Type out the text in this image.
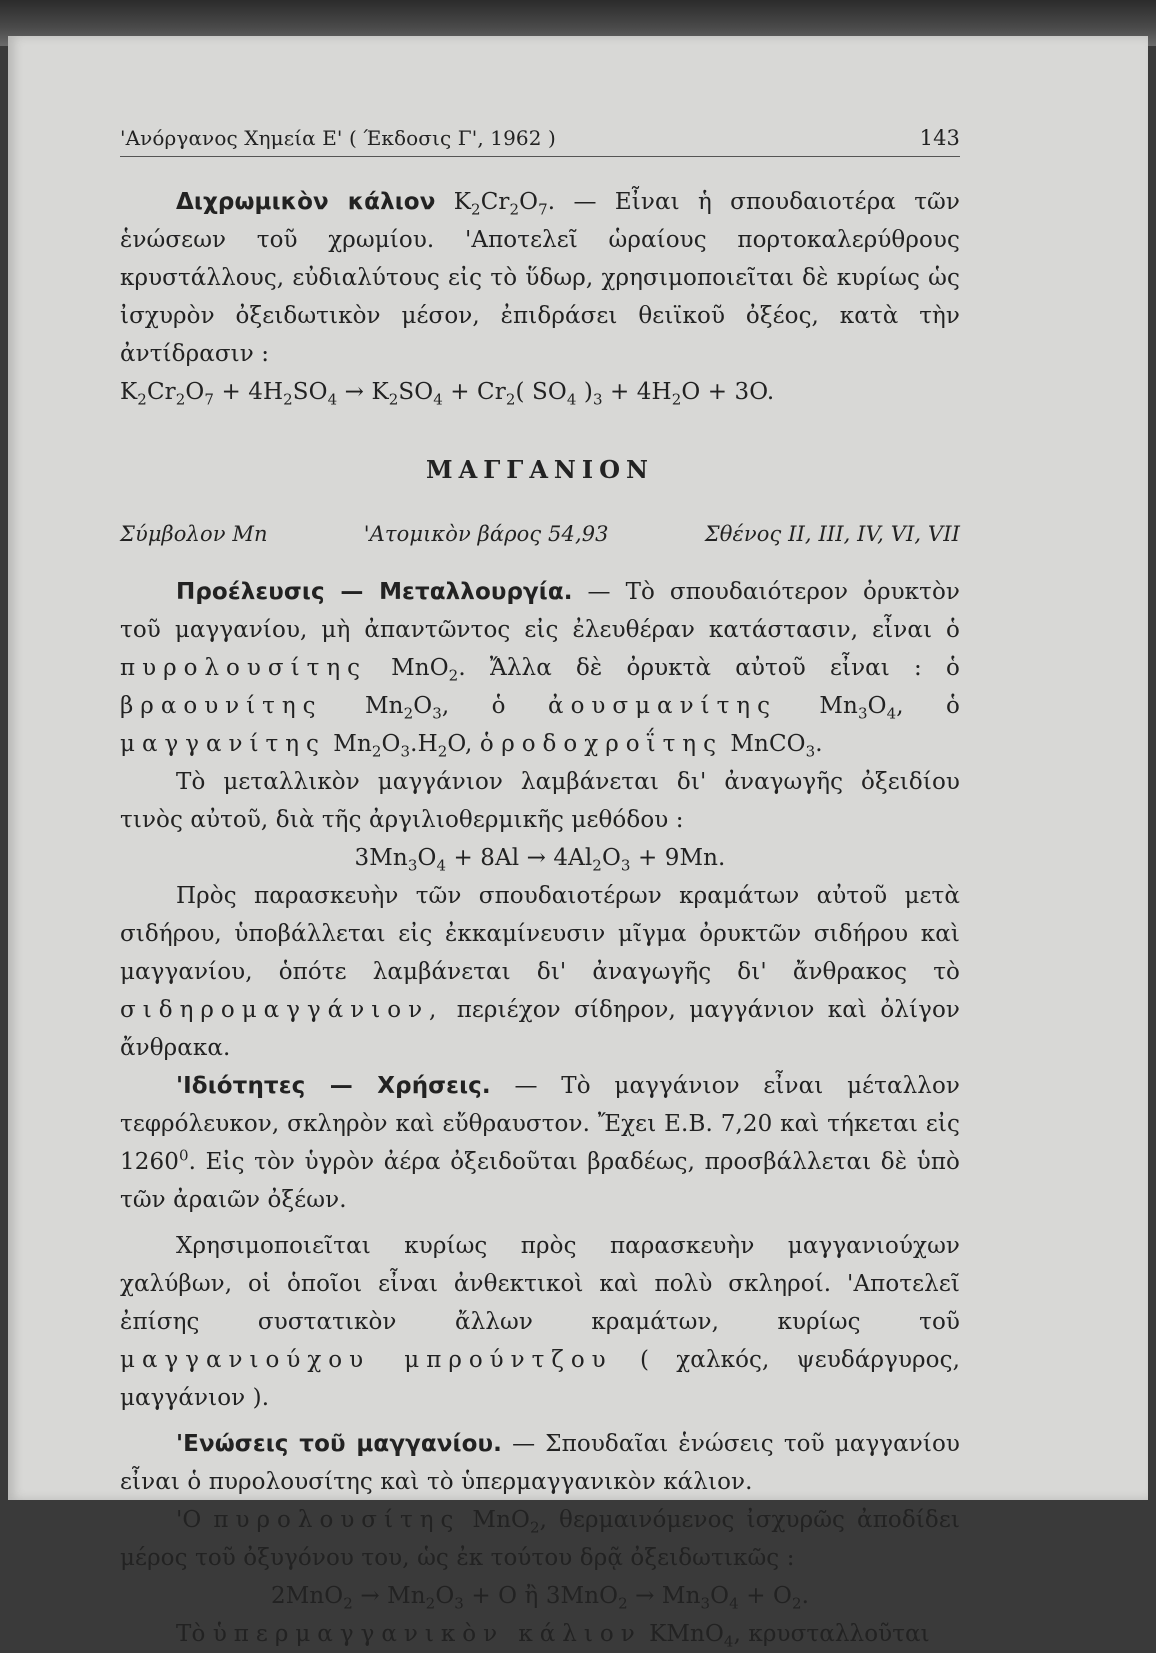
'Ανόργανος Χημεία Ε' ( Έκδοσις Γ', 1962 )	143

Διχρωμικὸν κάλιον $K_2Cr_2O_7$. — Εἶναι ἡ σπουδαιοτέρα τῶν ἑνώσεων τοῦ χρωμίου. 'Αποτελεῖ ὡραίους πορτοκαλερύθρους κρυστάλλους, εὐδιαλύτους εἰς τὸ ὕδωρ, χρησιμοποιεῖται δὲ κυρίως ὡς ἰσχυρὸν ὀξειδωτικὸν μέσον, ἐπιδράσει θειϊκοῦ ὀξέος, κατὰ τὴν ἀντίδρασιν :

$K_2Cr_2O_7 + 4H_2SO_4 \to K_2SO_4 + Cr_2$( $SO_4$ )$_3 + 4H_2O + 3O$.

ΜΑΓΓΑΝΙΟΝ
Σύμβολον Mn	'Ατομικὸν βάρος 54,93	Σθένος II, III, IV, VI, VII

Προέλευσις — Μεταλλουργία. — Τὸ σπουδαιότερον ὀρυκτὸν τοῦ μαγγανίου, μὴ ἀπαντῶντος εἰς ἐλευθέραν κατάστασιν, εἶναι ὁ πυρολουσίτης MnO$_2$. Ἄλλα δὲ ὀρυκτὰ αὐτοῦ εἶναι : ὁ βραουνίτης $Mn_2O_3$, ὁ ἀουσμανίτης $Mn_3O_4$, ὁ μαγγανίτης $Mn_2O_3.H_2O$, ὁ ροδοχροΐτης MnCO$_3$.

Τὸ μεταλλικὸν μαγγάνιον λαμβάνεται δι' ἀναγωγῆς ὀξειδίου τινὸς αὐτοῦ, διὰ τῆς ἀργιλιοθερμικῆς μεθόδου :

$3Mn_3O_4 + 8Al \to 4Al_2O_3 + 9Mn$.

Πρὸς παρασκευὴν τῶν σπουδαιοτέρων κραμάτων αὐτοῦ μετὰ σιδήρου, ὑποβάλλεται εἰς ἐκκαμίνευσιν μῖγμα ὀρυκτῶν σιδήρου καὶ μαγγανίου, ὁπότε λαμβάνεται δι' ἀναγωγῆς δι' ἄνθρακος τὸ σιδηρομαγγάνιον, περιέχον σίδηρον, μαγγάνιον καὶ ὀλίγον ἄνθρακα.

'Ιδιότητες — Χρήσεις. — Τὸ μαγγάνιον εἶναι μέταλλον τεφρόλευκον, σκληρὸν καὶ εὔθραυστον. Ἔχει Ε.Β. 7,20 καὶ τήκεται εἰς 1260$^0$. Εἰς τὸν ὑγρὸν ἀέρα ὀξειδοῦται βραδέως, προσβάλλεται δὲ ὑπὸ τῶν ἀραιῶν ὀξέων.

Χρησιμοποιεῖται κυρίως πρὸς παρασκευὴν μαγγανιούχων χαλύβων, οἱ ὁποῖοι εἶναι ἀνθεκτικοὶ καὶ πολὺ σκληροί. 'Αποτελεῖ ἐπίσης συστατικὸν ἄλλων κραμάτων, κυρίως τοῦ μαγγανιούχου μπρούντζου ( χαλκός, ψευδάργυρος, μαγγάνιον ).

'Ενώσεις τοῦ μαγγανίου. — Σπουδαῖαι ἑνώσεις τοῦ μαγγανίου εἶναι ὁ πυρολουσίτης καὶ τὸ ὑπερμαγγανικὸν κάλιον.

'Ο πυρολουσίτης MnO$_2$, θερμαινόμενος ἰσχυρῶς ἀποδίδει μέρος τοῦ ὀξυγόνου του, ὡς ἐκ τούτου δρᾷ ὀξειδωτικῶς :

$2MnO_2 \to Mn_2O_3 + O$ ἢ $3MnO_2 \to Mn_3O_4 + O_2$.

Τὸ ὑπερμαγγανικὸν κάλιον KMnO$_4$, κρυσταλλοῦται
